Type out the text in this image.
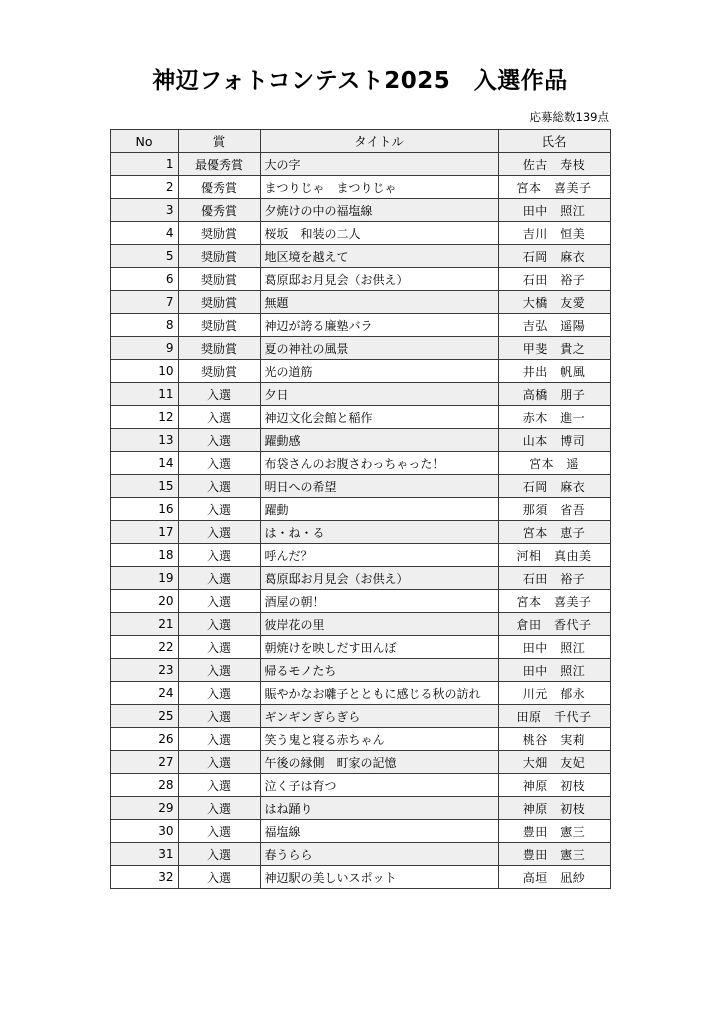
神辺フォトコンテスト2025　入選作品
応募総数139点
No	賞	タイトル	氏名
1	最優秀賞	大の字	佐古　寿枝
2	優秀賞	まつりじゃ　まつりじゃ	宮本　喜美子
3	優秀賞	夕焼けの中の福塩線	田中　照江
4	奨励賞	桜坂　和装の二人	吉川　恒美
5	奨励賞	地区境を越えて	石岡　麻衣
6	奨励賞	葛原邸お月見会（お供え）	石田　裕子
7	奨励賞	無題	大橋　友愛
8	奨励賞	神辺が誇る廉塾バラ	吉弘　遥陽
9	奨励賞	夏の神社の風景	甲斐　貴之
10	奨励賞	光の道筋	井出　帆風
11	入選	夕日	高橋　朋子
12	入選	神辺文化会館と稲作	赤木　進一
13	入選	躍動感	山本　博司
14	入選	布袋さんのお腹さわっちゃった！	宮本　遥
15	入選	明日への希望	石岡　麻衣
16	入選	躍動	那須　省吾
17	入選	は・ね・る	宮本　恵子
18	入選	呼んだ？	河相　真由美
19	入選	葛原邸お月見会（お供え）	石田　裕子
20	入選	酒屋の朝！	宮本　喜美子
21	入選	彼岸花の里	倉田　香代子
22	入選	朝焼けを映しだす田んぼ	田中　照江
23	入選	帰るモノたち	田中　照江
24	入選	賑やかなお囃子とともに感じる秋の訪れ	川元　郁永
25	入選	ギンギンぎらぎら	田原　千代子
26	入選	笑う鬼と寝る赤ちゃん	桃谷　実莉
27	入選	午後の縁側　町家の記憶	大畑　友妃
28	入選	泣く子は育つ	神原　初枝
29	入選	はね踊り	神原　初枝
30	入選	福塩線	豊田　憲三
31	入選	春うらら	豊田　憲三
32	入選	神辺駅の美しいスポット	高垣　凪紗
